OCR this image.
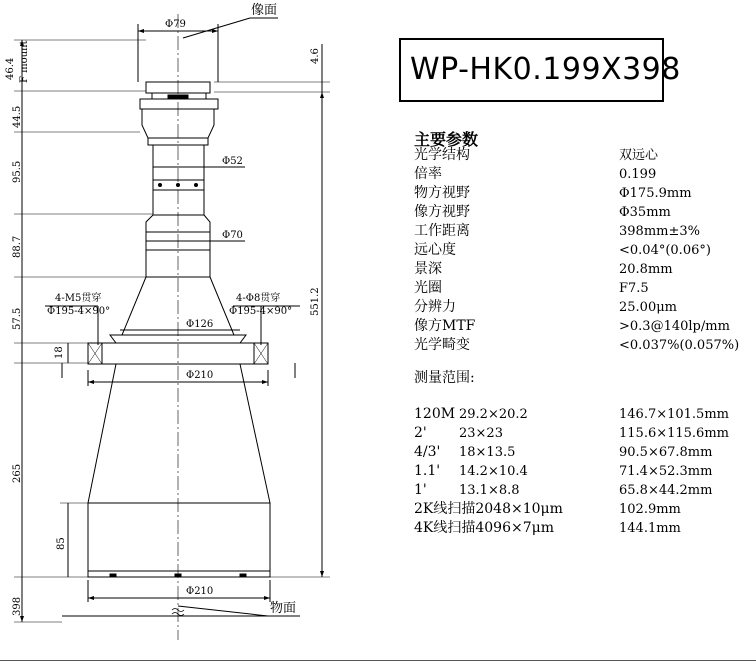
Φ79
像面
Φ52
Φ70
Φ126
Φ210
Φ210
4-M5贯穿
Φ195-4×90°
4-Φ8贯穿
Φ195-4×90°
物面
46.4 F mount
44.5
95.5
88.7
57.5
18
265
85
398
4.6
551.2
WP-HK0.199X398
主要参数
光学结构	双远心
倍率	0.199
物方视野	Φ175.9mm
像方视野	Φ35mm
工作距离	398mm±3%
远心度	<0.04°(0.06°)
景深	20.8mm
光圈	F7.5
分辨力	25.00μm
像方MTF	>0.3@140lp/mm
光学畸变	<0.037%(0.057%)
测量范围:
120M 29.2×20.2	146.7×101.5mm
2' 23×23	115.6×115.6mm
4/3' 18×13.5	90.5×67.8mm
1.1' 14.2×10.4	71.4×52.3mm
1' 13.1×8.8	65.8×44.2mm
2K线扫描2048×10μm	102.9mm
4K线扫描4096×7μm	144.1mm
